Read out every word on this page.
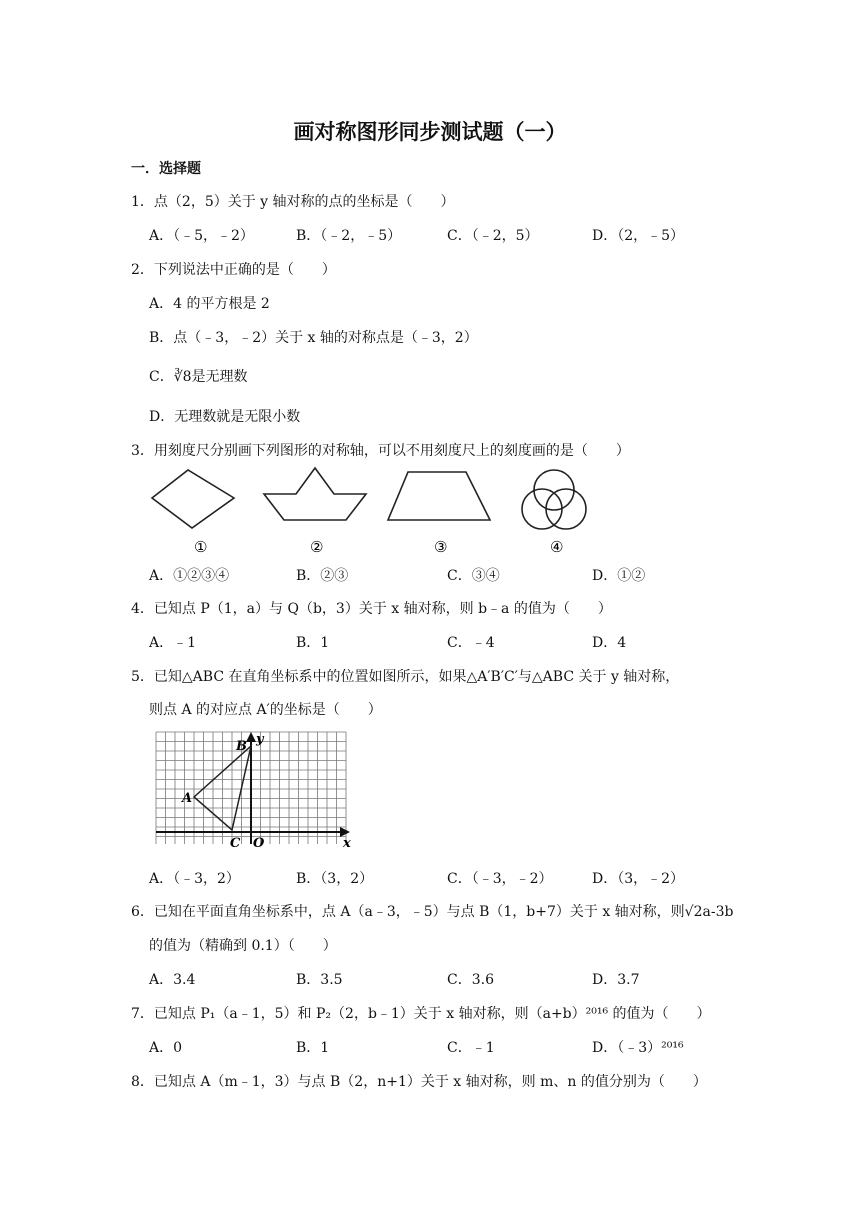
画对称图形同步测试题（一）
一．选择题
1．点（2，5）关于 y 轴对称的点的坐标是（　　）
A．（﹣5，﹣2）	B．（﹣2，﹣5）	C．（﹣2，5）	D．（2，﹣5）
2．下列说法中正确的是（　　）
A．4 的平方根是 2
B．点（﹣3，﹣2）关于 x 轴的对称点是（﹣3，2）
C．∛8是无理数
D．无理数就是无限小数
3．用刻度尺分别画下列图形的对称轴，可以不用刻度尺上的刻度画的是（　　）
①	②	③	④
A．①②③④	B．②③	C．③④	D．①②
4．已知点 P（1，a）与 Q（b，3）关于 x 轴对称，则 b﹣a 的值为（　　）
A．﹣1	B．1	C．﹣4	D．4
5．已知△ABC 在直角坐标系中的位置如图所示，如果△A′B′C′与△ABC 关于 y 轴对称，
则点 A 的对应点 A′的坐标是（　　）
B y
A
C O	x
A．（﹣3，2）	B．（3，2）	C．（﹣3，﹣2）	D．（3，﹣2）
6．已知在平面直角坐标系中，点 A（a﹣3，﹣5）与点 B（1，b+7）关于 x 轴对称，则√2a-3b
的值为（精确到 0.1）（　　）
A．3.4	B．3.5	C．3.6	D．3.7
7．已知点 P₁（a﹣1，5）和 P₂（2，b﹣1）关于 x 轴对称，则（a+b）²⁰¹⁶ 的值为（　　）
A．0	B．1	C．﹣1	D．（﹣3）²⁰¹⁶
8．已知点 A（m﹣1，3）与点 B（2，n+1）关于 x 轴对称，则 m、n 的值分别为（　　）
